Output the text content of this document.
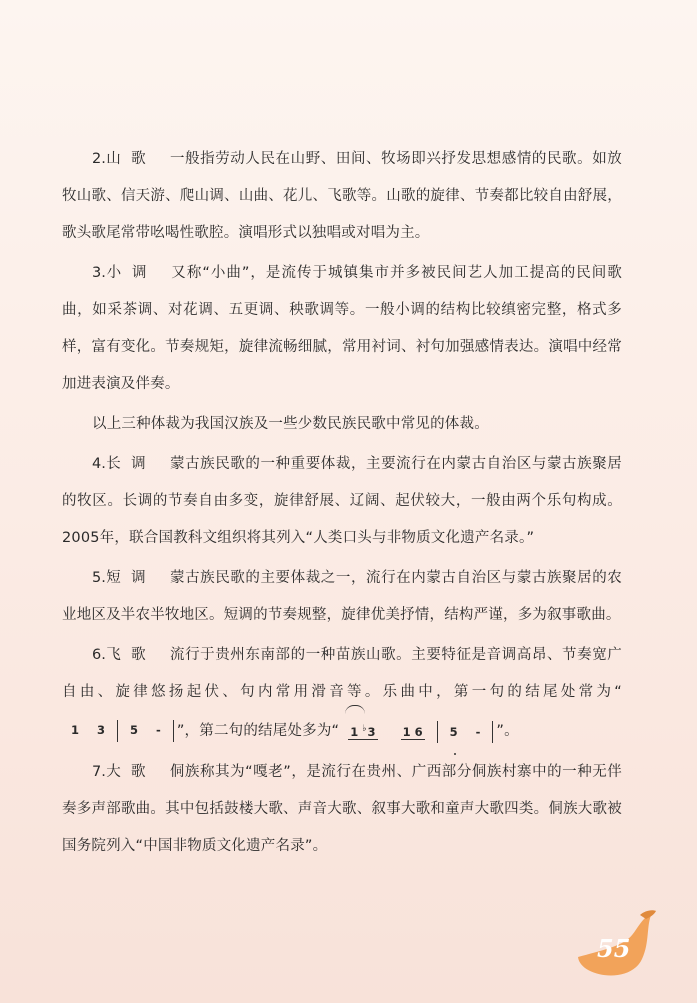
2.山歌 一般指劳动人民在山野、田间、牧场即兴抒发思想感情的民歌。如放牧山歌、信天游、爬山调、山曲、花儿、飞歌等。山歌的旋律、节奏都比较自由舒展，歌头歌尾常带吆喝性歌腔。演唱形式以独唱或对唱为主。

3.小调 又称“小曲”，是流传于城镇集市并多被民间艺人加工提高的民间歌曲，如采茶调、对花调、五更调、秧歌调等。一般小调的结构比较缜密完整，格式多样，富有变化。节奏规矩，旋律流畅细腻，常用衬词、衬句加强感情表达。演唱中经常加进表演及伴奏。

以上三种体裁为我国汉族及一些少数民族民歌中常见的体裁。

4.长调 蒙古族民歌的一种重要体裁，主要流行在内蒙古自治区与蒙古族聚居的牧区。长调的节奏自由多变，旋律舒展、辽阔、起伏较大，一般由两个乐句构成。2005年，联合国教科文组织将其列入“人类口头与非物质文化遗产名录。”

5.短调 蒙古族民歌的主要体裁之一，流行在内蒙古自治区与蒙古族聚居的农业地区及半农半牧地区。短调的节奏规整，旋律优美抒情，结构严谨，多为叙事歌曲。

6.飞歌 流行于贵州东南部的一种苗族山歌。主要特征是音调高昂、节奏宽广自由、旋律悠扬起伏、句内常用滑音等。乐曲中，第一句的结尾处常为“1 3 5 - ”，第二句的结尾处多为“ 1 ♭3 1 6 5 - ”。

7.大歌 侗族称其为“嘎老”，是流行在贵州、广西部分侗族村寨中的一种无伴奏多声部歌曲。其中包括鼓楼大歌、声音大歌、叙事大歌和童声大歌四类。侗族大歌被国务院列入“中国非物质文化遗产名录”。

55
